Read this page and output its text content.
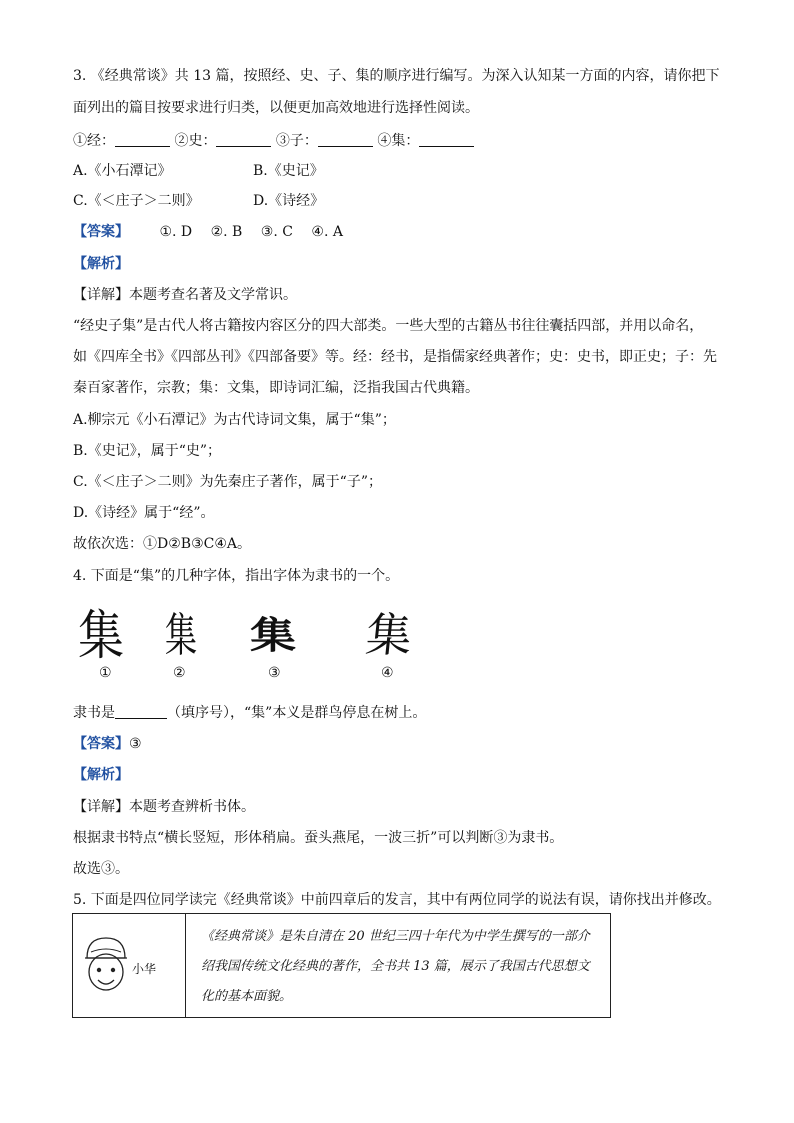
3. 《经典常谈》共 13 篇，按照经、史、子、集的顺序进行编写。为深入认知某一方面的内容，请你把下
面列出的篇目按要求进行归类，以便更加高效地进行选择性阅读。
①经：	②史：	③子：	④集：
A.《小石潭记》	B.《史记》
C.《＜庄子＞二则》	D.《诗经》
【答案】 ①. D ②. B ③. C ④. A
【解析】
【详解】本题考查名著及文学常识。
“经史子集”是古代人将古籍按内容区分的四大部类。一些大型的古籍丛书往往囊括四部，并用以命名，
如《四库全书》《四部丛刊》《四部备要》等。经：经书，是指儒家经典著作；史：史书，即正史；子：先
秦百家著作，宗教；集：文集，即诗词汇编，泛指我国古代典籍。
A.柳宗元《小石潭记》为古代诗词文集，属于“集”；
B.《史记》，属于“史”；
C.《＜庄子＞二则》为先秦庄子著作，属于“子”；
D.《诗经》属于“经”。
故依次选：①D②B③C④A。
4. 下面是“集”的几种字体，指出字体为隶书的一个。
集 集 集 集
①	②	③	④
隶书是	（填序号），“集”本义是群鸟停息在树上。
【答案】③
【解析】
【详解】本题考查辨析书体。
根据隶书特点“横长竖短，形体稍扁。蚕头燕尾，一波三折”可以判断③为隶书。
故选③。
5. 下面是四位同学读完《经典常谈》中前四章后的发言，其中有两位同学的说法有误，请你找出并修改。
小华
《经典常谈》是朱自清在 20 世纪三四十年代为中学生撰写的一部介绍我国传统文化经典的著作，全书共 13 篇，展示了我国古代思想文化的基本面貌。
